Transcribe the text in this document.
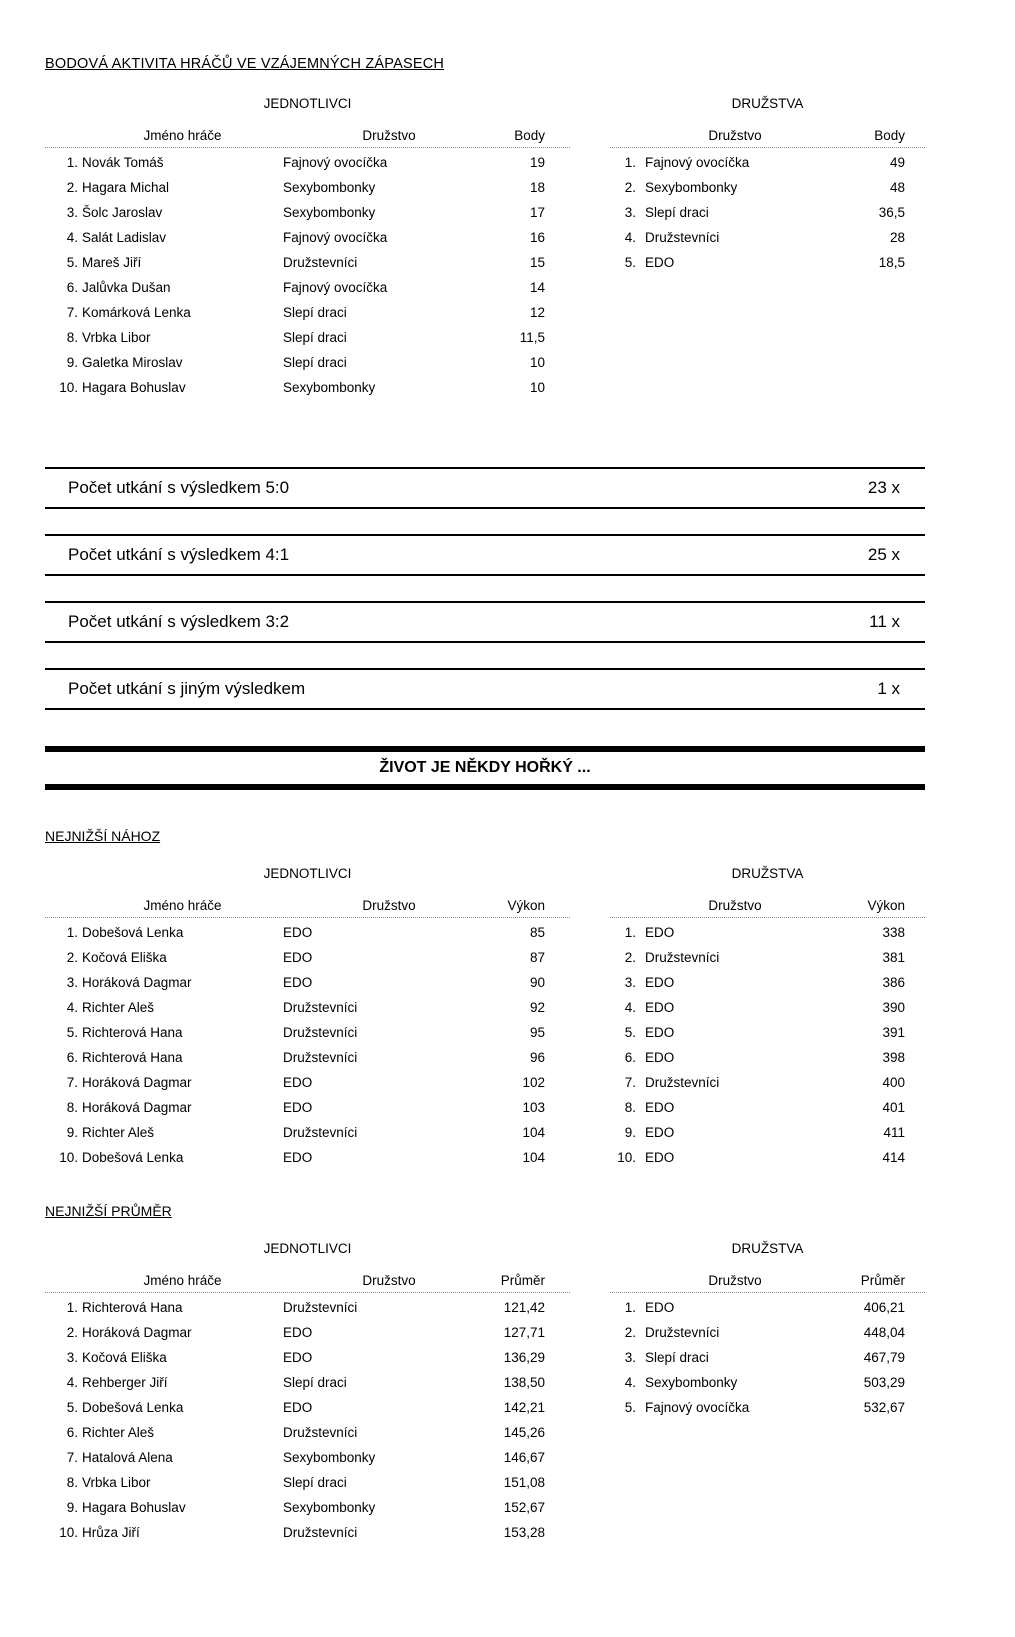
BODOVÁ AKTIVITA HRÁČŮ VE VZÁJEMNÝCH ZÁPASECH
JEDNOTLIVCI
Jméno hráče	Družstvo	Body
1. Novák Tomáš	Fajnový ovocíčka	19
2. Hagara Michal	Sexybombonky	18
3. Šolc Jaroslav	Sexybombonky	17
4. Salát Ladislav	Fajnový ovocíčka	16
5. Mareš Jiří	Družstevníci	15
6. Jalůvka Dušan	Fajnový ovocíčka	14
7. Komárková Lenka	Slepí draci	12
8. Vrbka Libor	Slepí draci	11,5
9. Galetka Miroslav	Slepí draci	10
10. Hagara Bohuslav	Sexybombonky	10
DRUŽSTVA
Družstvo	Body
1. Fajnový ovocíčka	49
2. Sexybombonky	48
3. Slepí draci	36,5
4. Družstevníci	28
5. EDO	18,5
Počet utkání s výsledkem 5:0	23 x
Počet utkání s výsledkem 4:1	25 x
Počet utkání s výsledkem 3:2	11 x
Počet utkání s jiným výsledkem	1 x
ŽIVOT JE NĚKDY HOŘKÝ ...
NEJNIŽŠÍ NÁHOZ
JEDNOTLIVCI
Jméno hráče	Družstvo	Výkon
1. Dobešová Lenka	EDO	85
2. Kočová Eliška	EDO	87
3. Horáková Dagmar	EDO	90
4. Richter Aleš	Družstevníci	92
5. Richterová Hana	Družstevníci	95
6. Richterová Hana	Družstevníci	96
7. Horáková Dagmar	EDO	102
8. Horáková Dagmar	EDO	103
9. Richter Aleš	Družstevníci	104
10. Dobešová Lenka	EDO	104
DRUŽSTVA
Družstvo	Výkon
1. EDO	338
2. Družstevníci	381
3. EDO	386
4. EDO	390
5. EDO	391
6. EDO	398
7. Družstevníci	400
8. EDO	401
9. EDO	411
10. EDO	414
NEJNIŽŠÍ PRŮMĚR
JEDNOTLIVCI
Jméno hráče	Družstvo	Průměr
1. Richterová Hana	Družstevníci	121,42
2. Horáková Dagmar	EDO	127,71
3. Kočová Eliška	EDO	136,29
4. Rehberger Jiří	Slepí draci	138,50
5. Dobešová Lenka	EDO	142,21
6. Richter Aleš	Družstevníci	145,26
7. Hatalová Alena	Sexybombonky	146,67
8. Vrbka Libor	Slepí draci	151,08
9. Hagara Bohuslav	Sexybombonky	152,67
10. Hrůza Jiří	Družstevníci	153,28
DRUŽSTVA
Družstvo	Průměr
1. EDO	406,21
2. Družstevníci	448,04
3. Slepí draci	467,79
4. Sexybombonky	503,29
5. Fajnový ovocíčka	532,67
